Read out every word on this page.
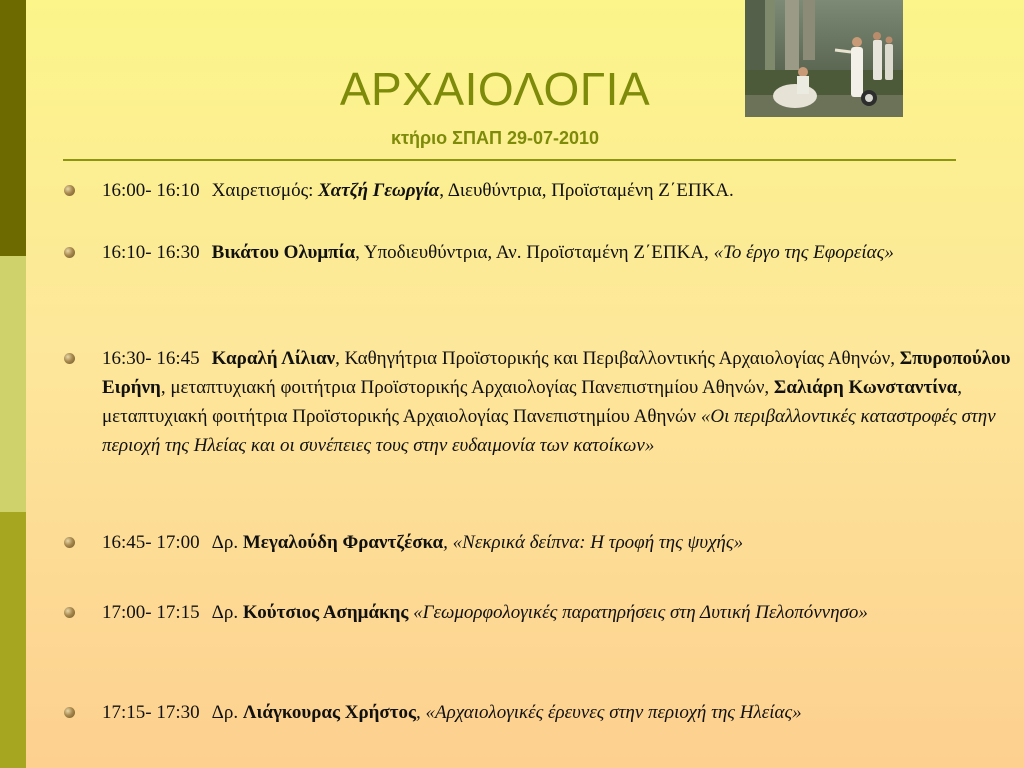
ΑΡΧΑΙΟΛΟΓΙΑ
κτήριο ΣΠΑΠ 29-07-2010
16:00- 16:10 Χαιρετισμός: Χατζή Γεωργία, Διευθύντρια, Προϊσταμένη Ζ΄ΕΠΚΑ.
16:10- 16:30 Βικάτου Ολυμπία, Υποδιευθύντρια, Αν. Προϊσταμένη Ζ΄ΕΠΚΑ, «Το έργο της Εφορείας»
16:30- 16:45 Καραλή Λίλιαν, Καθηγήτρια Προϊστορικής και Περιβαλλοντικής Αρχαιολογίας Αθηνών, Σπυροπούλου Ειρήνη, μεταπτυχιακή φοιτήτρια Προϊστορικής Αρχαιολογίας Πανεπιστημίου Αθηνών, Σαλιάρη Κωνσταντίνα, μεταπτυχιακή φοιτήτρια Προϊστορικής Αρχαιολογίας Πανεπιστημίου Αθηνών «Οι περιβαλλοντικές καταστροφές στην περιοχή της Ηλείας και οι συνέπειες τους στην ευδαιμονία των κατοίκων»
16:45- 17:00 Δρ. Μεγαλούδη Φραντζέσκα, «Νεκρικά δείπνα: Η τροφή της ψυχής»
17:00- 17:15 Δρ. Κούτσιος Ασημάκης «Γεωμορφολογικές παρατηρήσεις στη Δυτική Πελοπόννησο»
17:15- 17:30 Δρ. Λιάγκουρας Χρήστος, «Αρχαιολογικές έρευνες στην περιοχή της Ηλείας»
